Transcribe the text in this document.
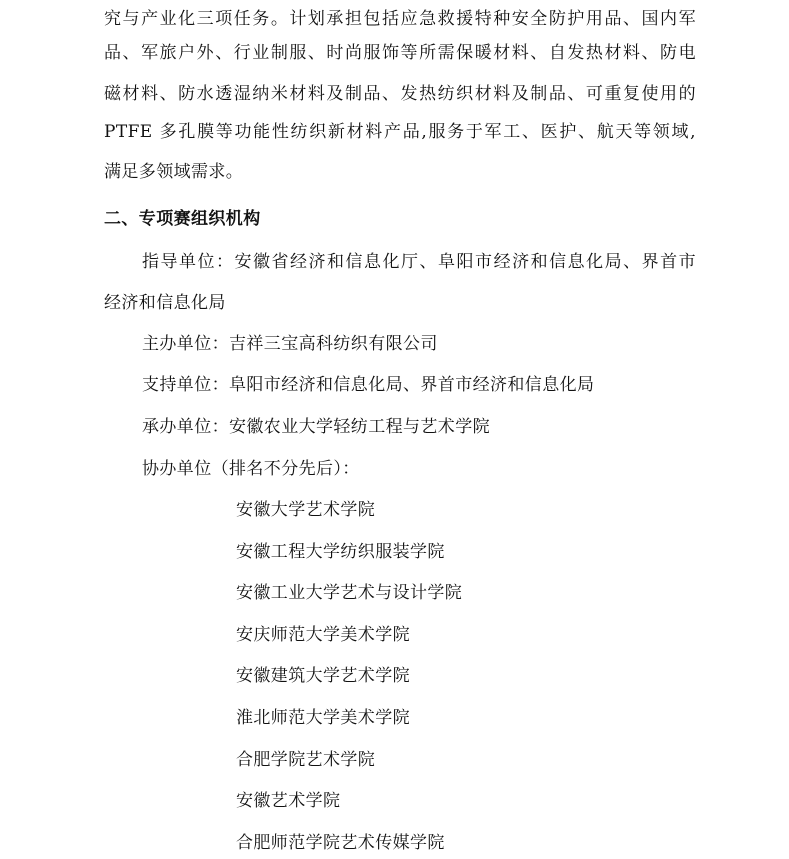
究与产业化三项任务。计划承担包括应急救援特种安全防护用品、国内军
品、军旅户外、行业制服、时尚服饰等所需保暖材料、自发热材料、防电
磁材料、防水透湿纳米材料及制品、发热纺织材料及制品、可重复使用的
PTFE 多孔膜等功能性纺织新材料产品,服务于军工、医护、航天等领域,
满足多领域需求。
二、专项赛组织机构
指导单位：安徽省经济和信息化厅、阜阳市经济和信息化局、界首市
经济和信息化局
主办单位：吉祥三宝高科纺织有限公司
支持单位：阜阳市经济和信息化局、界首市经济和信息化局
承办单位：安徽农业大学轻纺工程与艺术学院
协办单位（排名不分先后）：
安徽大学艺术学院
安徽工程大学纺织服装学院
安徽工业大学艺术与设计学院
安庆师范大学美术学院
安徽建筑大学艺术学院
淮北师范大学美术学院
合肥学院艺术学院
安徽艺术学院
合肥师范学院艺术传媒学院
